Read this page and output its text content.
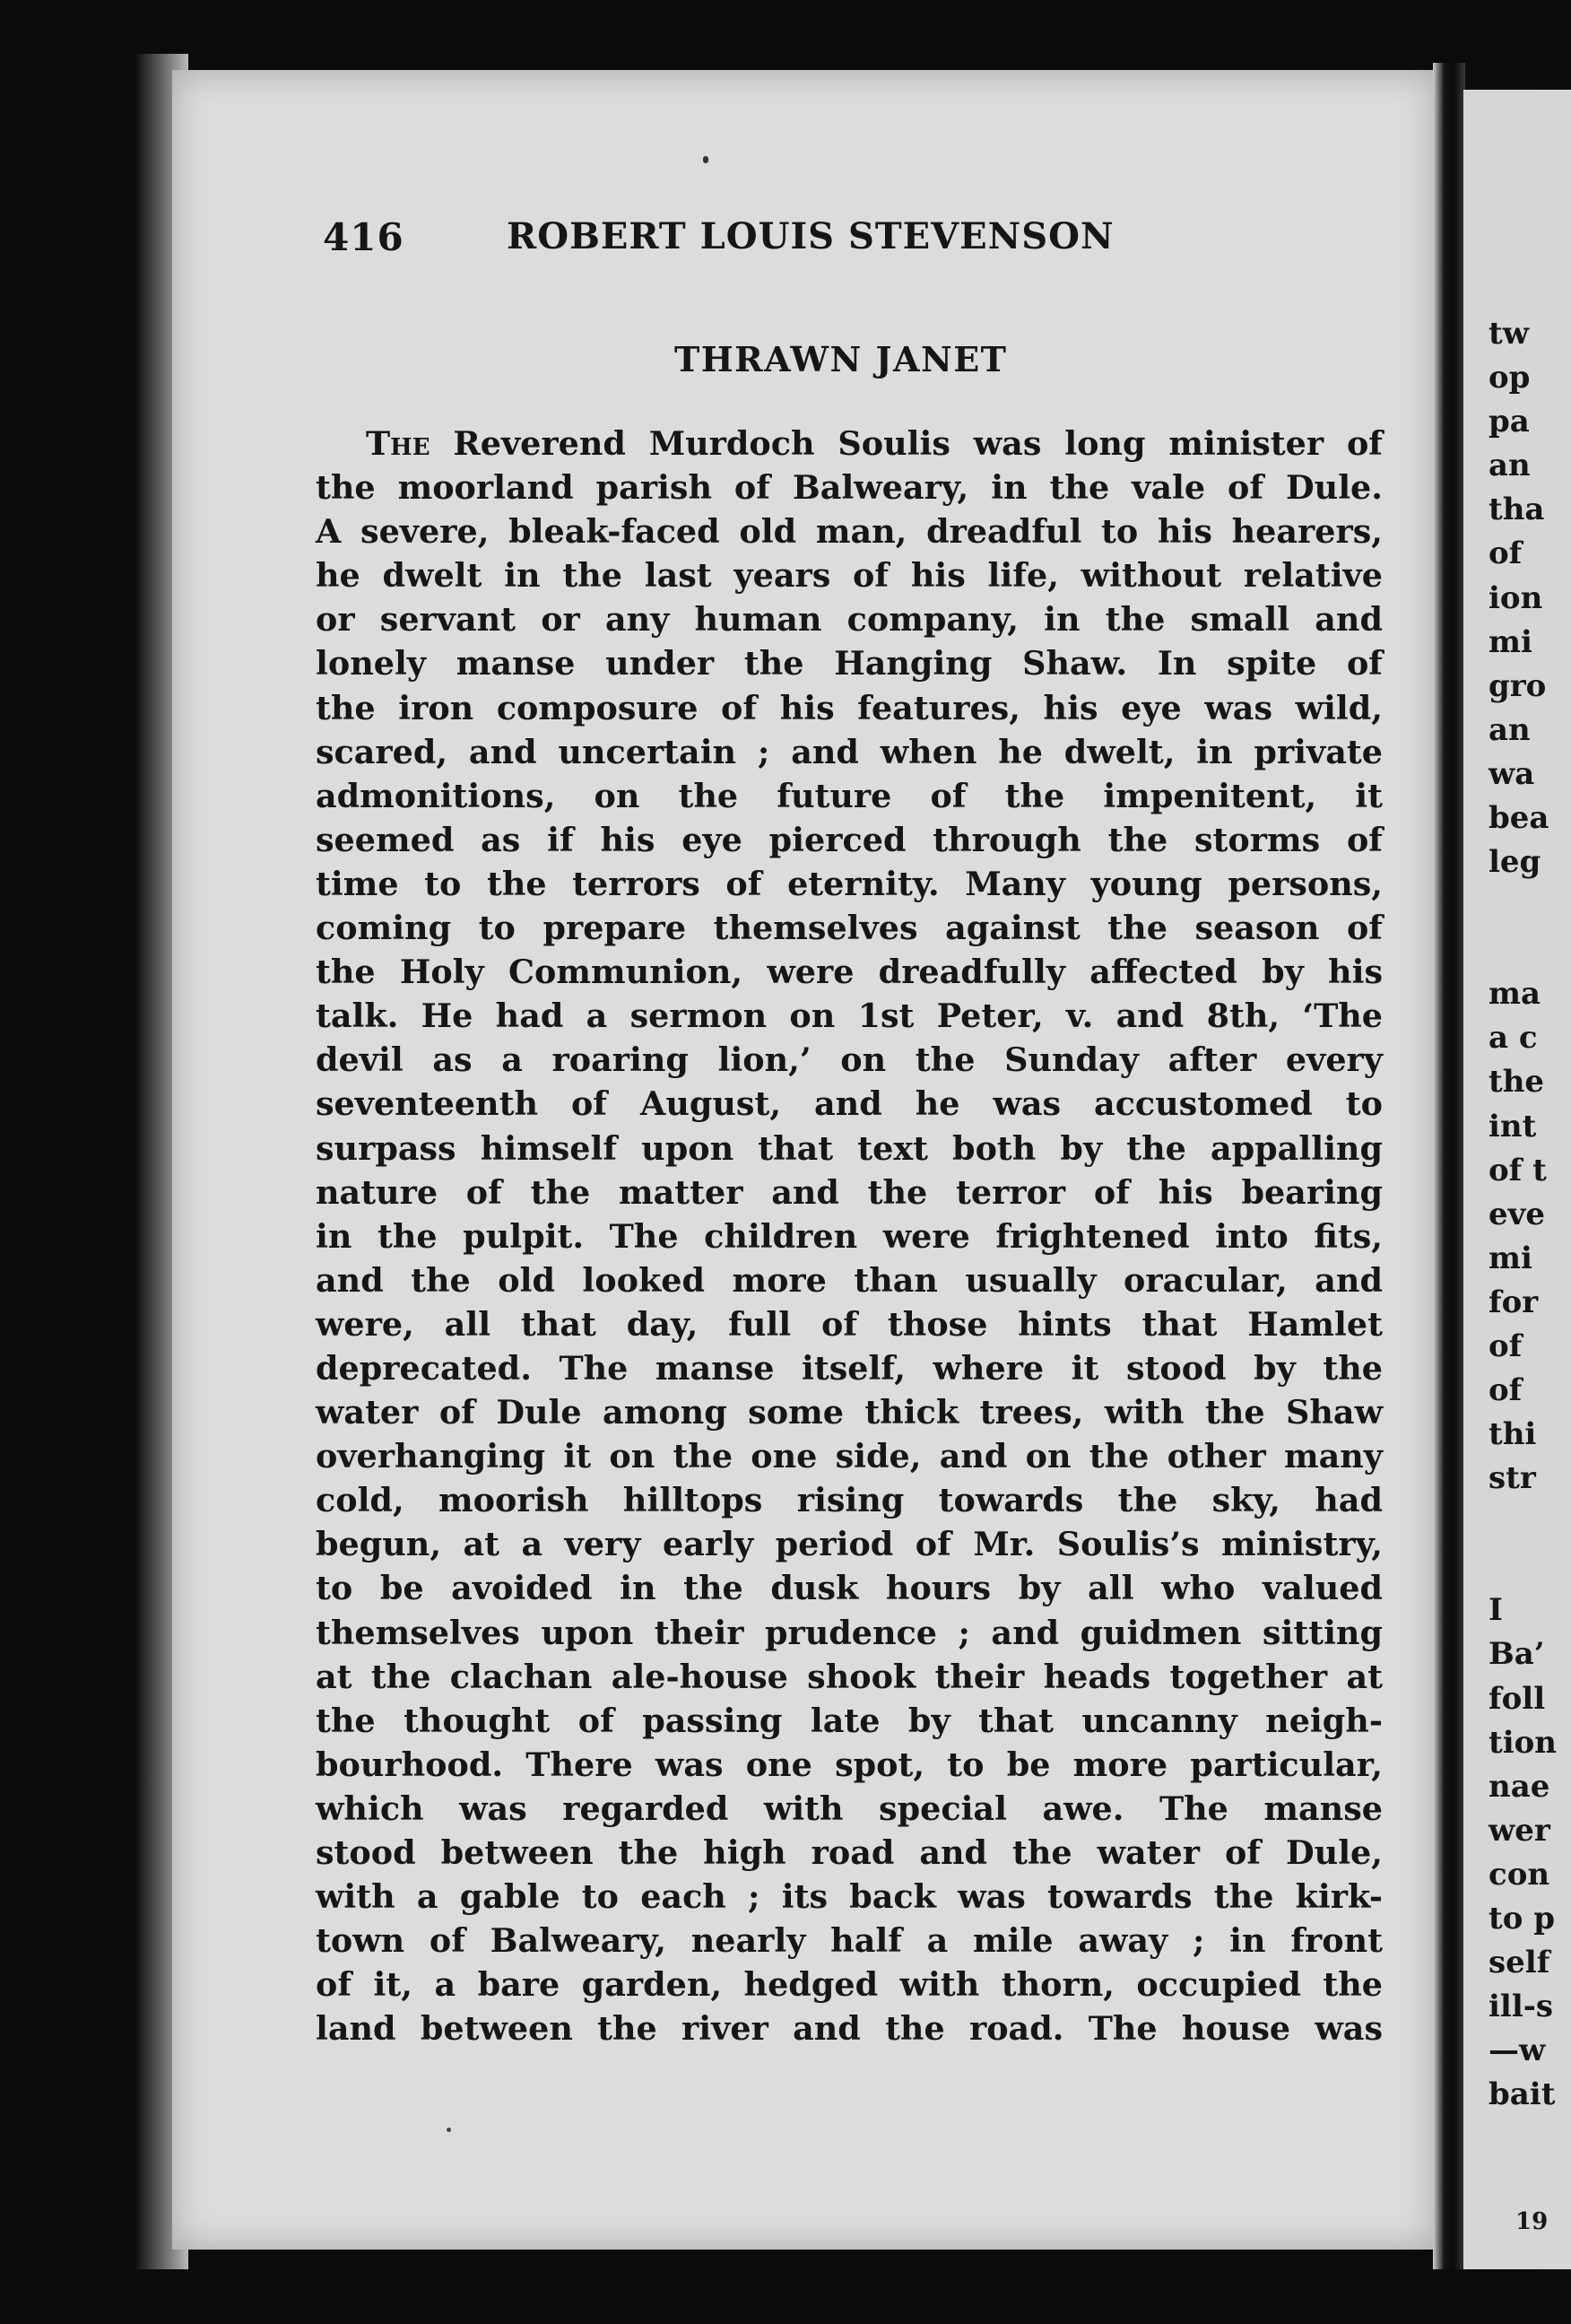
416	ROBERT LOUIS STEVENSON
THRAWN JANET
The Reverend Murdoch Soulis was long minister of
the moorland parish of Balweary, in the vale of Dule.
A severe, bleak-faced old man, dreadful to his hearers,
he dwelt in the last years of his life, without relative
or servant or any human company, in the small and
lonely manse under the Hanging Shaw. In spite of
the iron composure of his features, his eye was wild,
scared, and uncertain ; and when he dwelt, in private
admonitions, on the future of the impenitent, it
seemed as if his eye pierced through the storms of
time to the terrors of eternity. Many young persons,
coming to prepare themselves against the season of
the Holy Communion, were dreadfully affected by his
talk. He had a sermon on 1st Peter, v. and 8th, ‘The
devil as a roaring lion,’ on the Sunday after every
seventeenth of August, and he was accustomed to
surpass himself upon that text both by the appalling
nature of the matter and the terror of his bearing
in the pulpit. The children were frightened into fits,
and the old looked more than usually oracular, and
were, all that day, full of those hints that Hamlet
deprecated. The manse itself, where it stood by the
water of Dule among some thick trees, with the Shaw
overhanging it on the one side, and on the other many
cold, moorish hilltops rising towards the sky, had
begun, at a very early period of Mr. Soulis’s ministry,
to be avoided in the dusk hours by all who valued
themselves upon their prudence ; and guidmen sitting
at the clachan ale-house shook their heads together at
the thought of passing late by that uncanny neigh-
bourhood. There was one spot, to be more particular,
which was regarded with special awe. The manse
stood between the high road and the water of Dule,
with a gable to each ; its back was towards the kirk-
town of Balweary, nearly half a mile away ; in front
of it, a bare garden, hedged with thorn, occupied the
land between the river and the road. The house was
tw
op
pa
an
tha
of
ion
mi
gro
an
wa
bea
leg
ma
a c
the
int
of t
eve
mi
for
of
of
thi
str
I
Ba’
foll
tion
nae
wer
con
to p
self
ill-s
—w
bait
19
